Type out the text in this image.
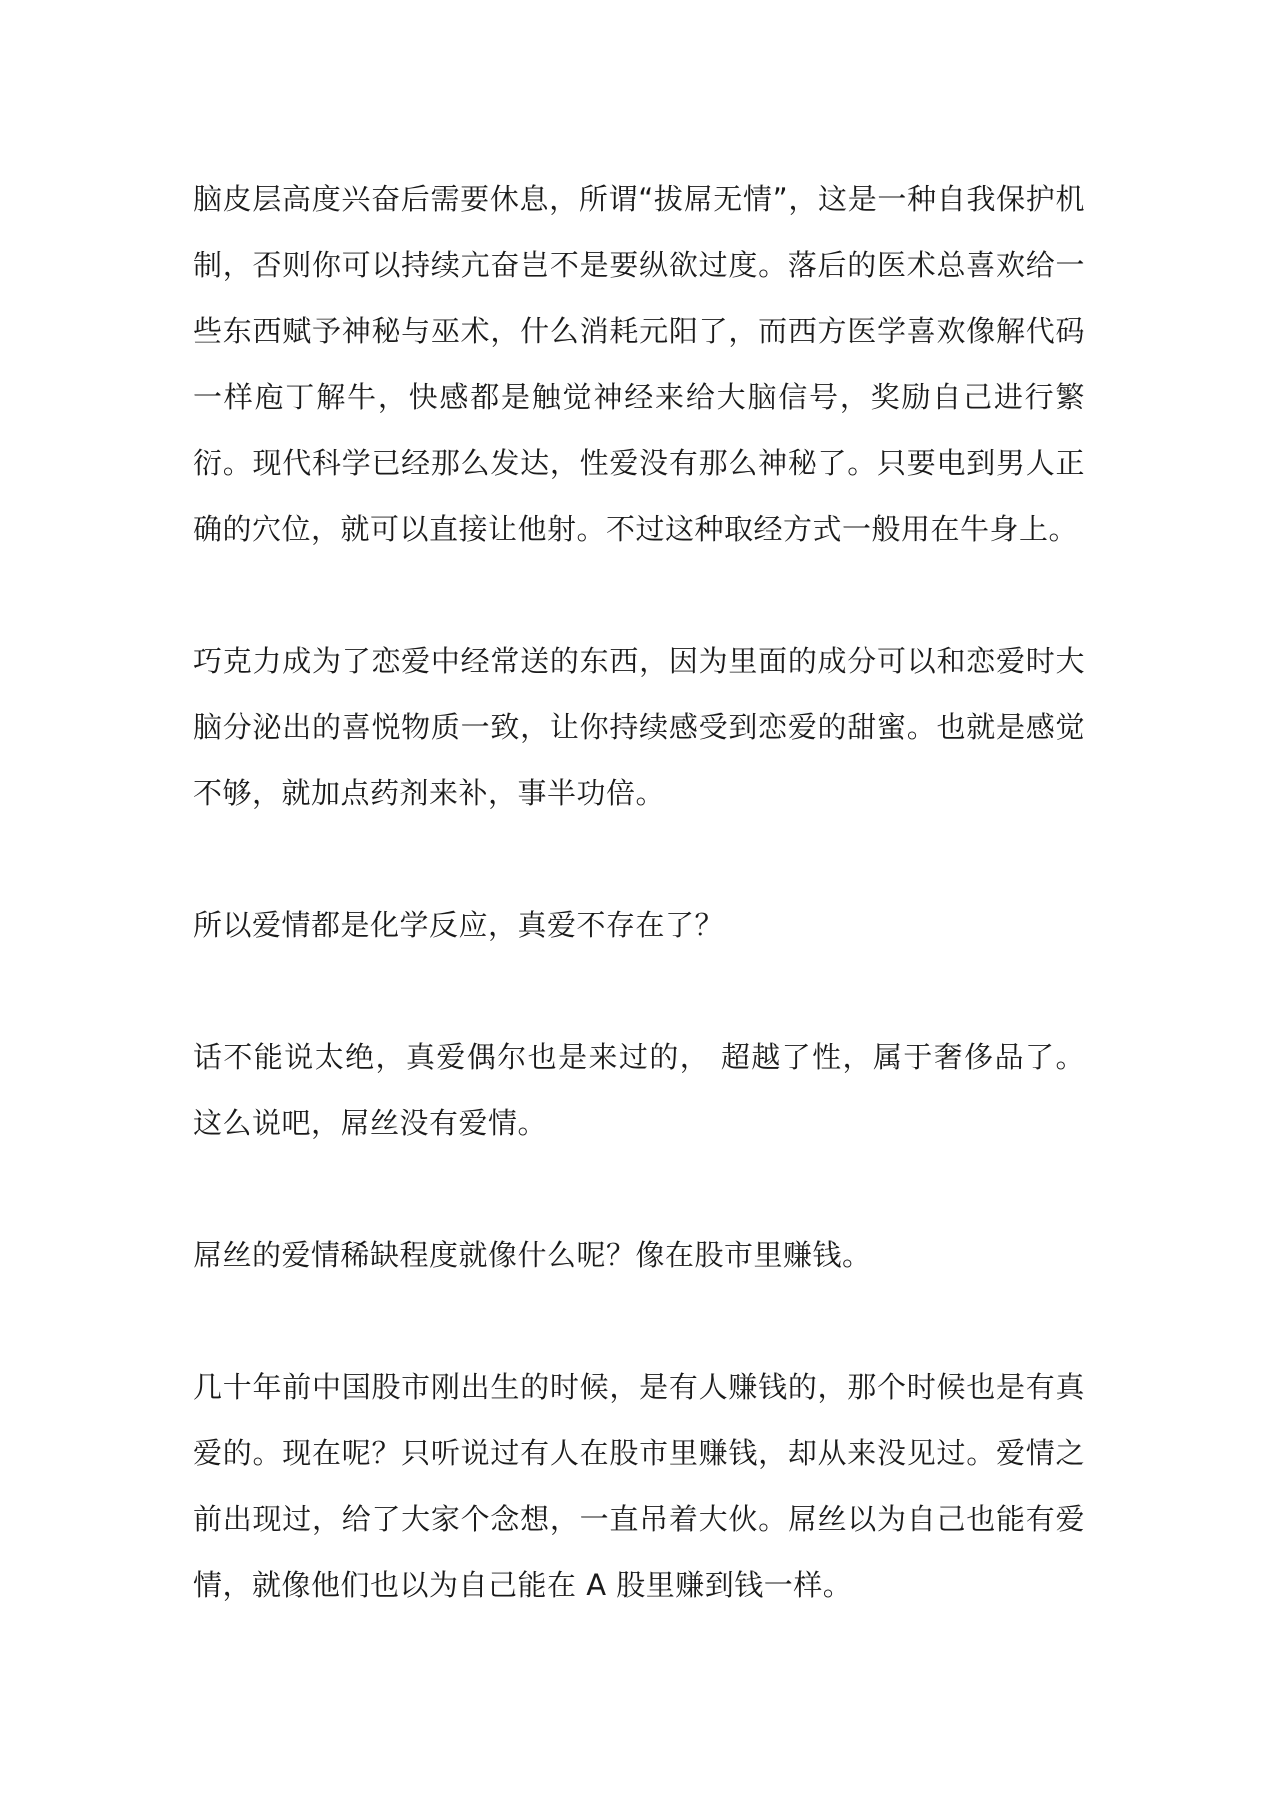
脑皮层高度兴奋后需要休息，所谓“拔屌无情”，这是一种自我保护机制，否则你可以持续亢奋岂不是要纵欲过度。落后的医术总喜欢给一些东西赋予神秘与巫术，什么消耗元阳了，而西方医学喜欢像解代码一样庖丁解牛，快感都是触觉神经来给大脑信号，奖励自己进行繁衍。现代科学已经那么发达，性爱没有那么神秘了。只要电到男人正确的穴位，就可以直接让他射。不过这种取经方式一般用在牛身上。

巧克力成为了恋爱中经常送的东西，因为里面的成分可以和恋爱时大脑分泌出的喜悦物质一致，让你持续感受到恋爱的甜蜜。也就是感觉不够，就加点药剂来补，事半功倍。

所以爱情都是化学反应，真爱不存在了？

话不能说太绝，真爱偶尔也是来过的， 超越了性，属于奢侈品了。这么说吧，屌丝没有爱情。

屌丝的爱情稀缺程度就像什么呢？像在股市里赚钱。

几十年前中国股市刚出生的时候，是有人赚钱的，那个时候也是有真爱的。现在呢？只听说过有人在股市里赚钱，却从来没见过。爱情之前出现过，给了大家个念想，一直吊着大伙。屌丝以为自己也能有爱情，就像他们也以为自己能在 A 股里赚到钱一样。
